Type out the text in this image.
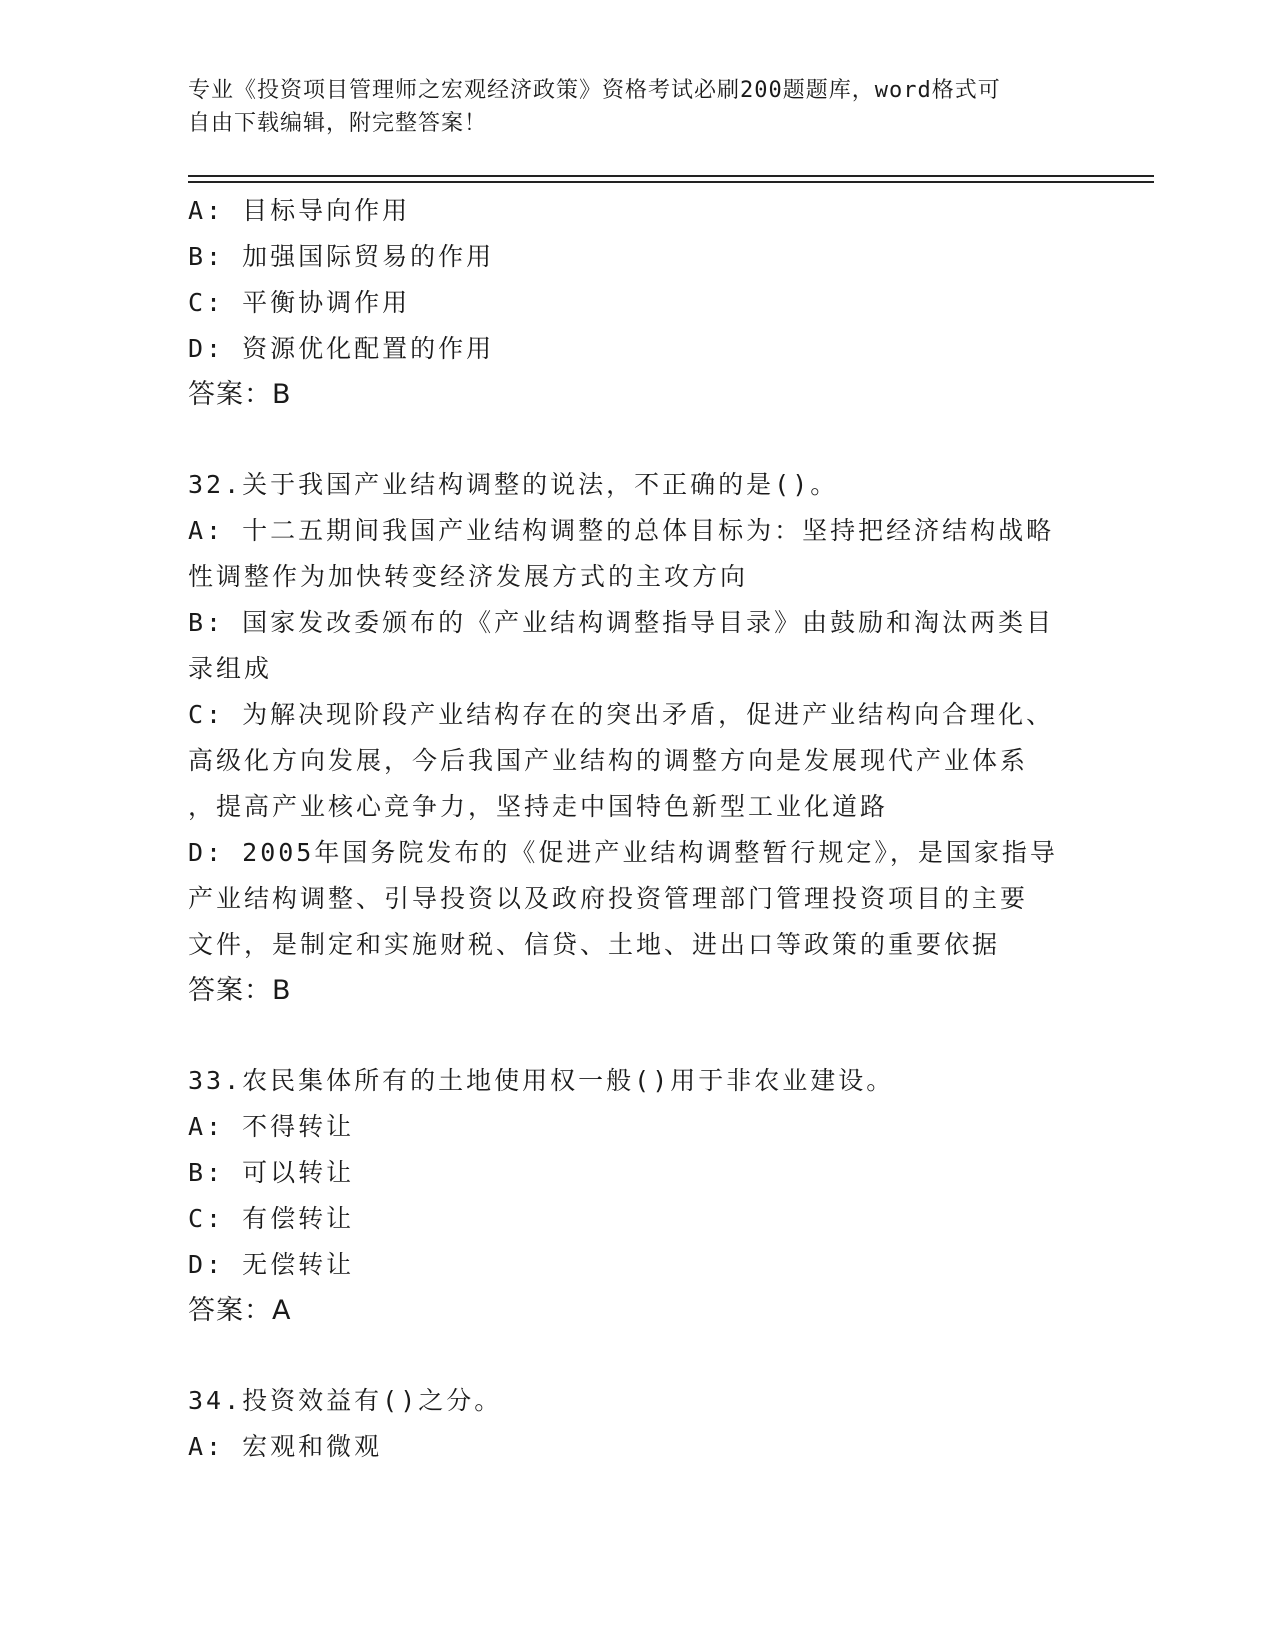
专业《投资项目管理师之宏观经济政策》资格考试必刷200题题库，word格式可
自由下载编辑，附完整答案！
A: 目标导向作用
B: 加强国际贸易的作用
C: 平衡协调作用
D: 资源优化配置的作用
答案：B
32.关于我国产业结构调整的说法，不正确的是()。
A: 十二五期间我国产业结构调整的总体目标为：坚持把经济结构战略
性调整作为加快转变经济发展方式的主攻方向
B: 国家发改委颁布的《产业结构调整指导目录》由鼓励和淘汰两类目
录组成
C: 为解决现阶段产业结构存在的突出矛盾，促进产业结构向合理化、
高级化方向发展，今后我国产业结构的调整方向是发展现代产业体系
，提高产业核心竞争力，坚持走中国特色新型工业化道路
D: 2005年国务院发布的《促进产业结构调整暂行规定》，是国家指导
产业结构调整、引导投资以及政府投资管理部门管理投资项目的主要
文件，是制定和实施财税、信贷、土地、进出口等政策的重要依据
答案：B
33.农民集体所有的土地使用权一般()用于非农业建设。
A: 不得转让
B: 可以转让
C: 有偿转让
D: 无偿转让
答案：A
34.投资效益有()之分。
A: 宏观和微观
